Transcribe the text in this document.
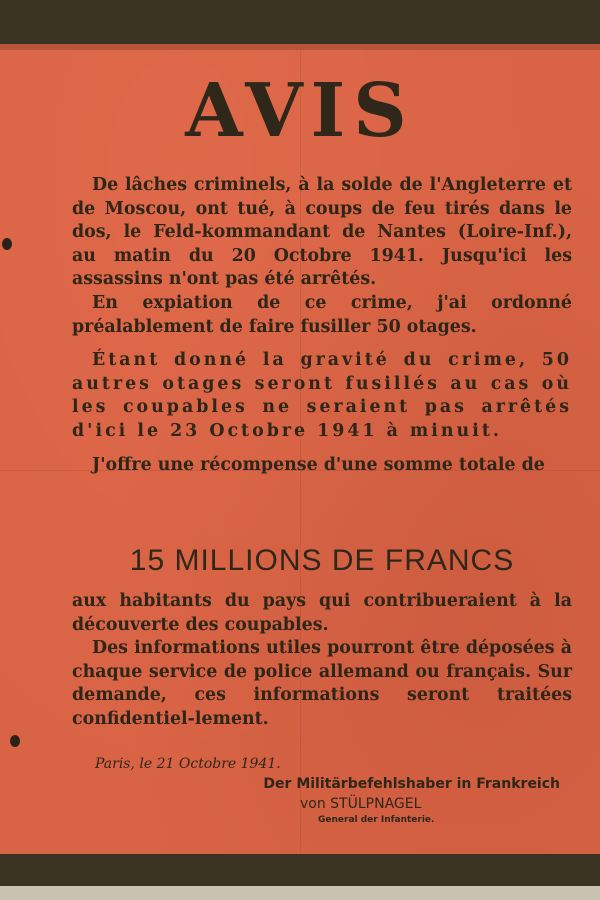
AVIS

De lâches criminels, à la solde de l'Angleterre et de Moscou, ont tué, à coups de feu tirés dans le dos, le Feld-kommandant de Nantes (Loire-Inf.), au matin du 20 Octobre 1941. Jusqu'ici les assassins n'ont pas été arrêtés.

En expiation de ce crime, j'ai ordonné préalablement de faire fusiller 50 otages.

Étant donné la gravité du crime, 50 autres otages seront fusillés au cas où les coupables ne seraient pas arrêtés d'ici le 23 Octobre 1941 à minuit.

J'offre une récompense d'une somme totale de

15 MILLIONS DE FRANCS

aux habitants du pays qui contribueraient à la découverte des coupables.

Des informations utiles pourront être déposées à chaque service de police allemand ou français. Sur demande, ces informations seront traitées confidentiel-lement.

Paris, le 21 Octobre 1941.
Der Militärbefehlshaber in Frankreich
von STÜLPNAGEL
General der Infanterie.
